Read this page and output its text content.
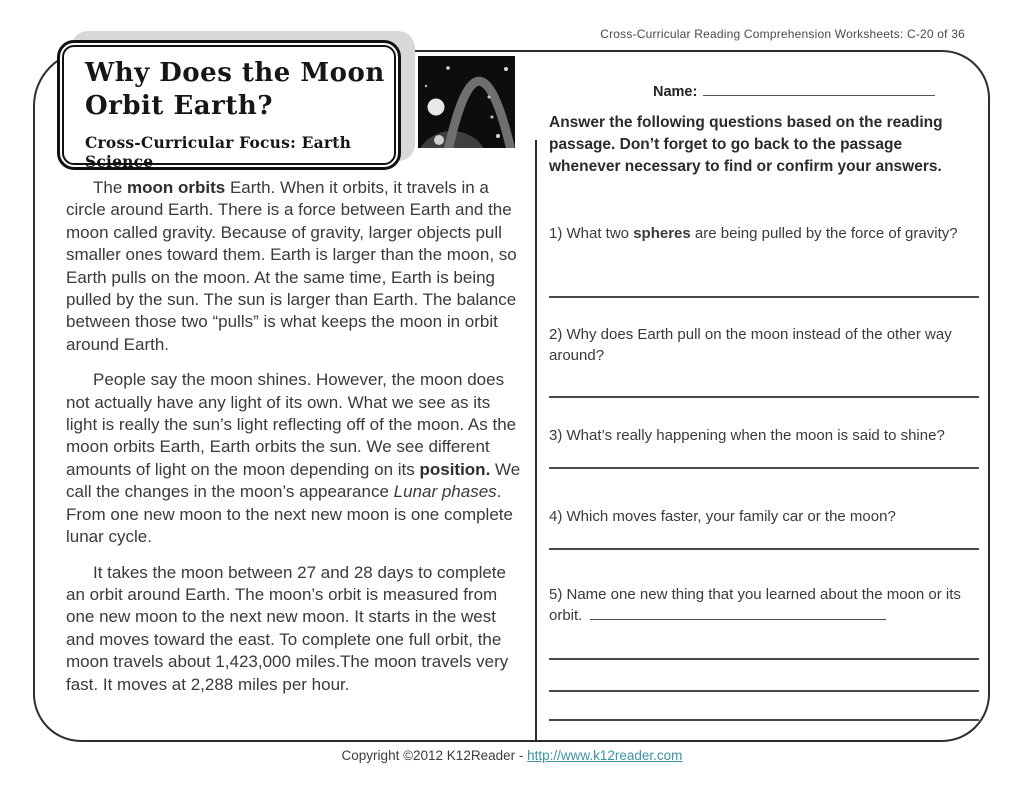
Cross-Curricular Reading Comprehension Worksheets: C-20 of 36
Why Does the Moon
Orbit Earth?
Cross-Curricular Focus: Earth Science

The moon orbits Earth. When it orbits, it travels in a circle around Earth. There is a force between Earth and the moon called gravity. Because of gravity, larger objects pull smaller ones toward them. Earth is larger than the moon, so Earth pulls on the moon. At the same time, Earth is being pulled by the sun. The sun is larger than Earth. The balance between those two “pulls” is what keeps the moon in orbit around Earth.

People say the moon shines. However, the moon does not actually have any light of its own. What we see as its light is really the sun’s light reflecting off of the moon. As the moon orbits Earth, Earth orbits the sun. We see different amounts of light on the moon depending on its position. We call the changes in the moon’s appearance Lunar phases. From one new moon to the next new moon is one complete lunar cycle.

It takes the moon between 27 and 28 days to complete an orbit around Earth. The moon’s orbit is measured from one new moon to the next new moon. It starts in the west and moves toward the east. To complete one full orbit, the moon travels about 1,423,000 miles.The moon travels very fast. It moves at 2,288 miles per hour.

Name:
Answer the following questions based on the reading passage. Don’t forget to go back to the passage whenever necessary to find or confirm your answers.
1) What two spheres are being pulled by the force of gravity?
2) Why does Earth pull on the moon instead of the other way around?
3) What’s really happening when the moon is said to shine?
4) Which moves faster, your family car or the moon?
5) Name one new thing that you learned about the moon or its orbit.
Copyright ©2012 K12Reader - http://www.k12reader.com
